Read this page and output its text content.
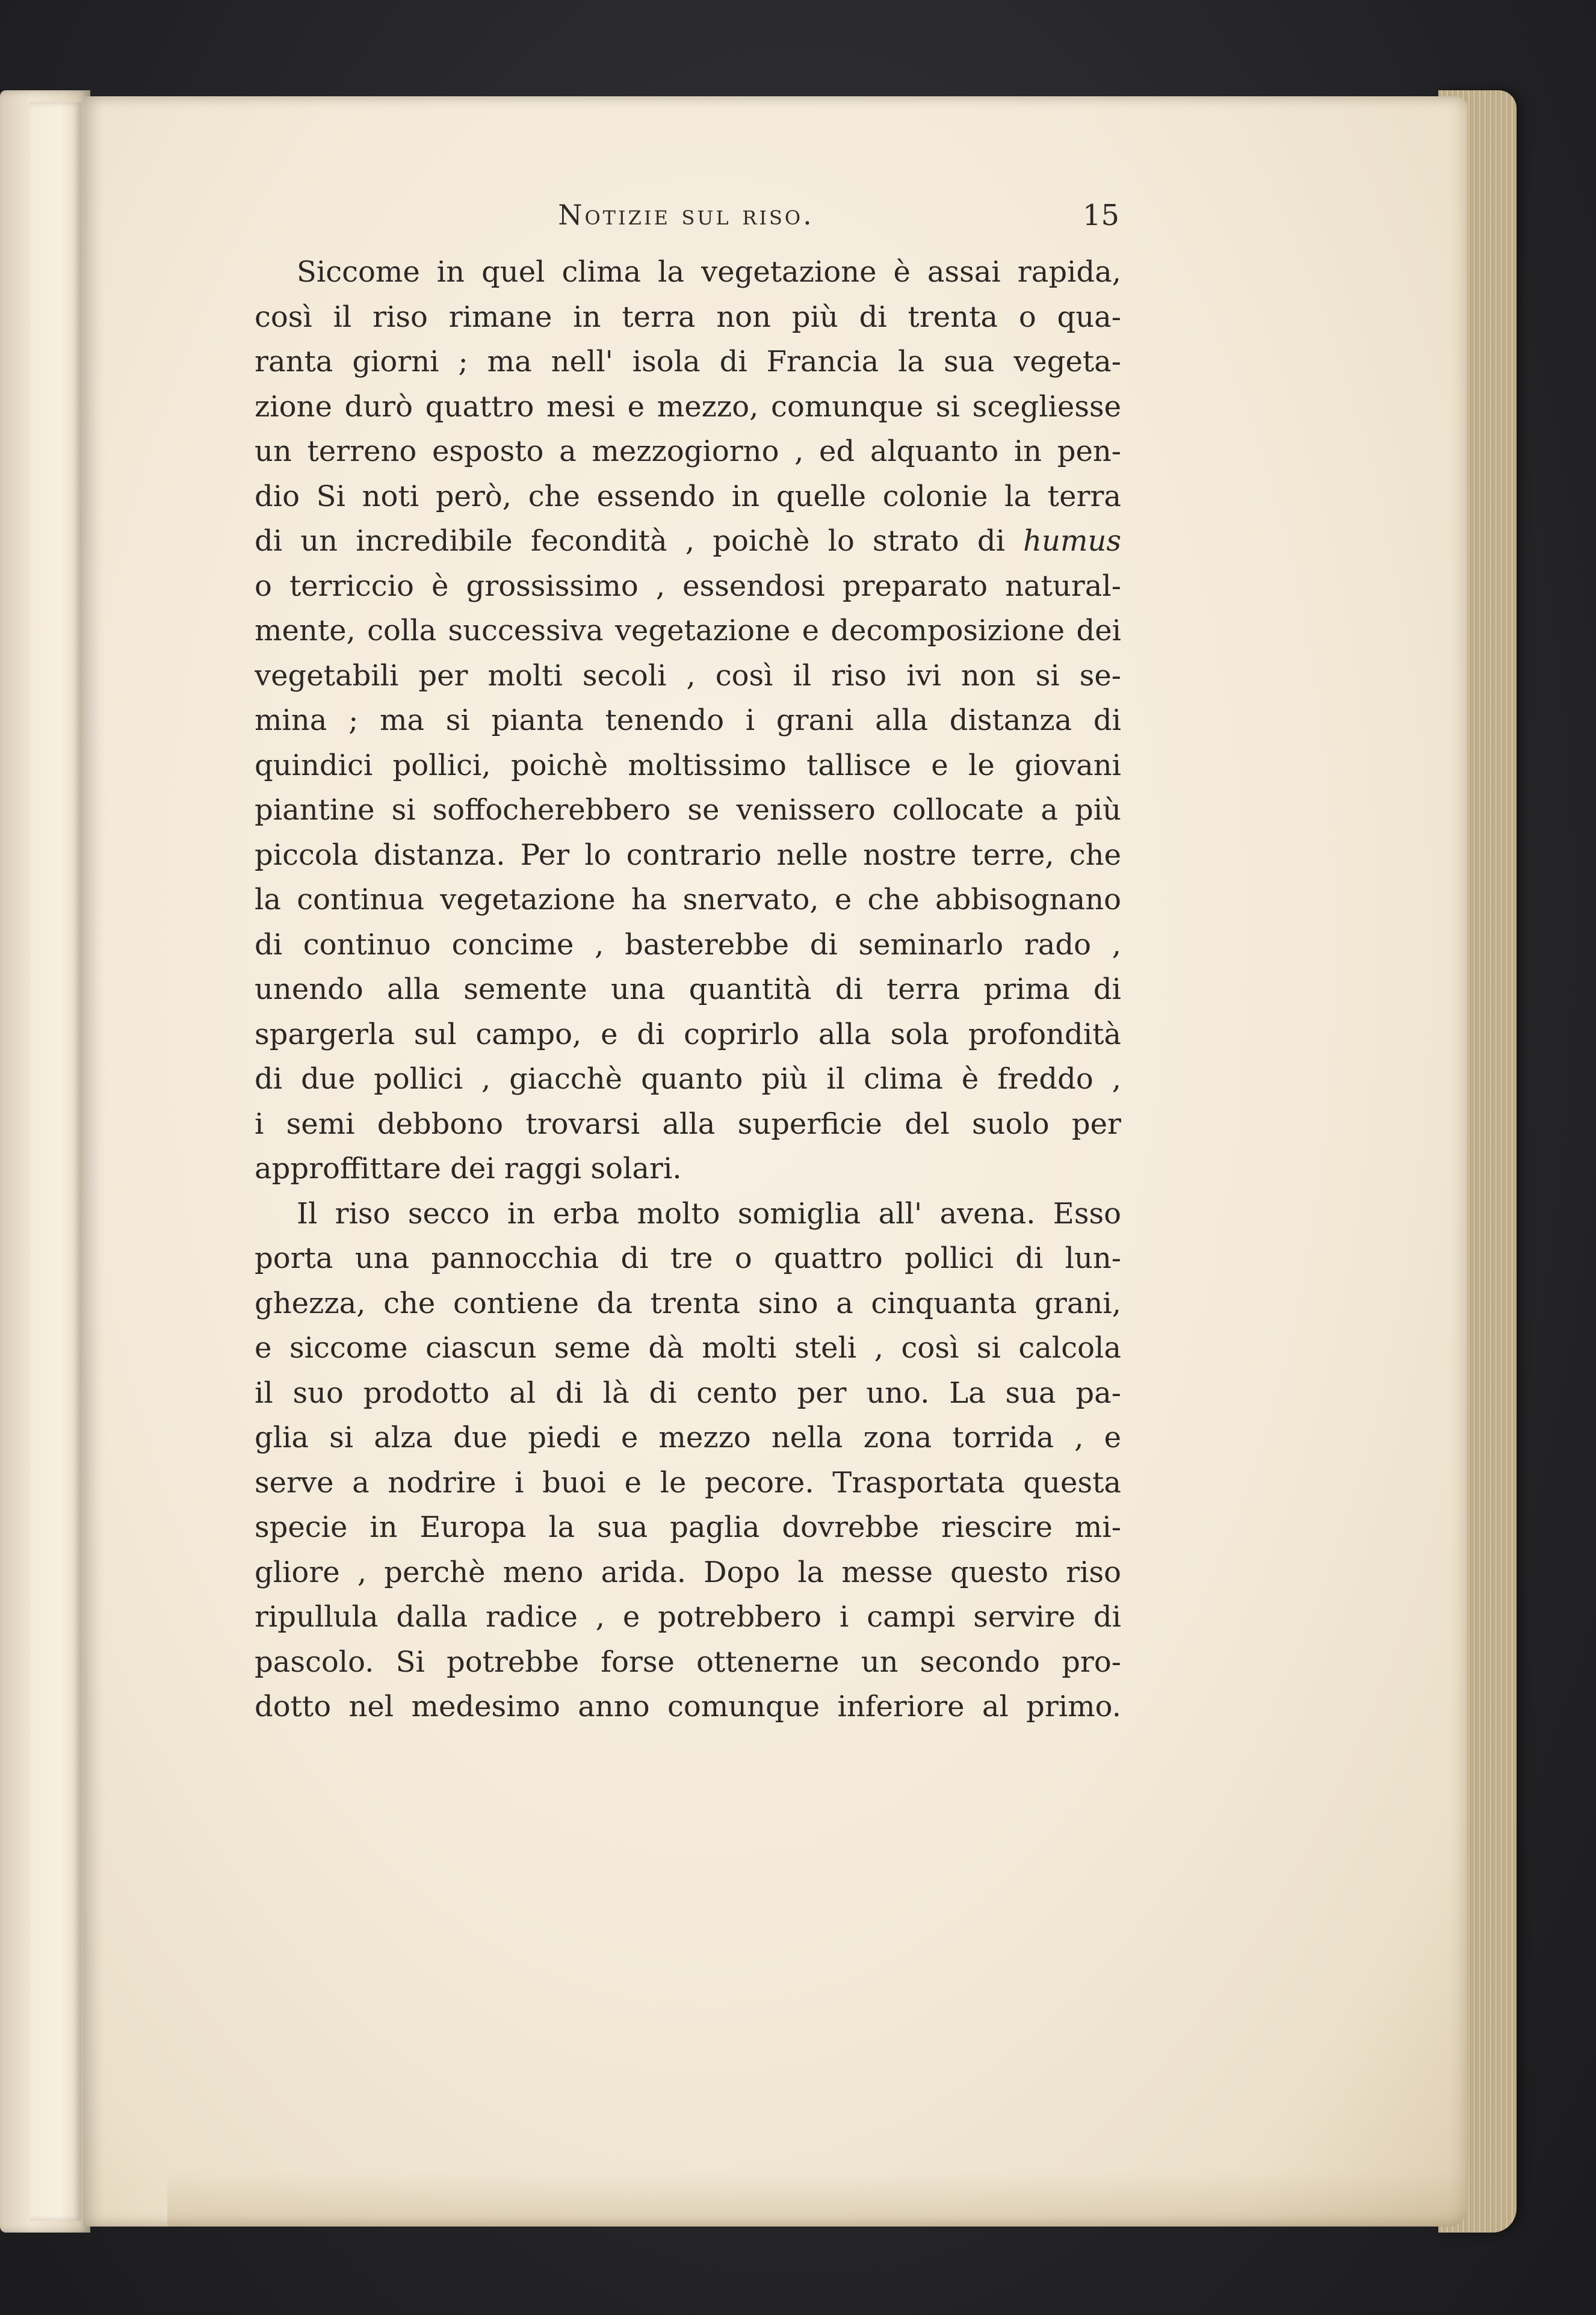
Notizie sul riso.	15
Siccome in quel clima la vegetazione è assai rapida,
così il riso rimane in terra non più di trenta o qua-
ranta giorni ; ma nell' isola di Francia la sua vegeta-
zione durò quattro mesi e mezzo, comunque si scegliesse
un terreno esposto a mezzogiorno , ed alquanto in pen-
dio Si noti però, che essendo in quelle colonie la terra
di un incredibile fecondità , poichè lo strato di humus
o terriccio è grossissimo , essendosi preparato natural-
mente, colla successiva vegetazione e decomposizione dei
vegetabili per molti secoli , così il riso ivi non si se-
mina ; ma si pianta tenendo i grani alla distanza di
quindici pollici, poichè moltissimo tallisce e le giovani
piantine si soffocherebbero se venissero collocate a più
piccola distanza. Per lo contrario nelle nostre terre, che
la continua vegetazione ha snervato, e che abbisognano
di continuo concime , basterebbe di seminarlo rado ,
unendo alla semente una quantità di terra prima di
spargerla sul campo, e di coprirlo alla sola profondità
di due pollici , giacchè quanto più il clima è freddo ,
i semi debbono trovarsi alla superficie del suolo per
approffittare dei raggi solari.
Il riso secco in erba molto somiglia all' avena. Esso
porta una pannocchia di tre o quattro pollici di lun-
ghezza, che contiene da trenta sino a cinquanta grani,
e siccome ciascun seme dà molti steli , così si calcola
il suo prodotto al di là di cento per uno. La sua pa-
glia si alza due piedi e mezzo nella zona torrida , e
serve a nodrire i buoi e le pecore. Trasportata questa
specie in Europa la sua paglia dovrebbe riescire mi-
gliore , perchè meno arida. Dopo la messe questo riso
ripullula dalla radice , e potrebbero i campi servire di
pascolo. Si potrebbe forse ottenerne un secondo pro-
dotto nel medesimo anno comunque inferiore al primo.
